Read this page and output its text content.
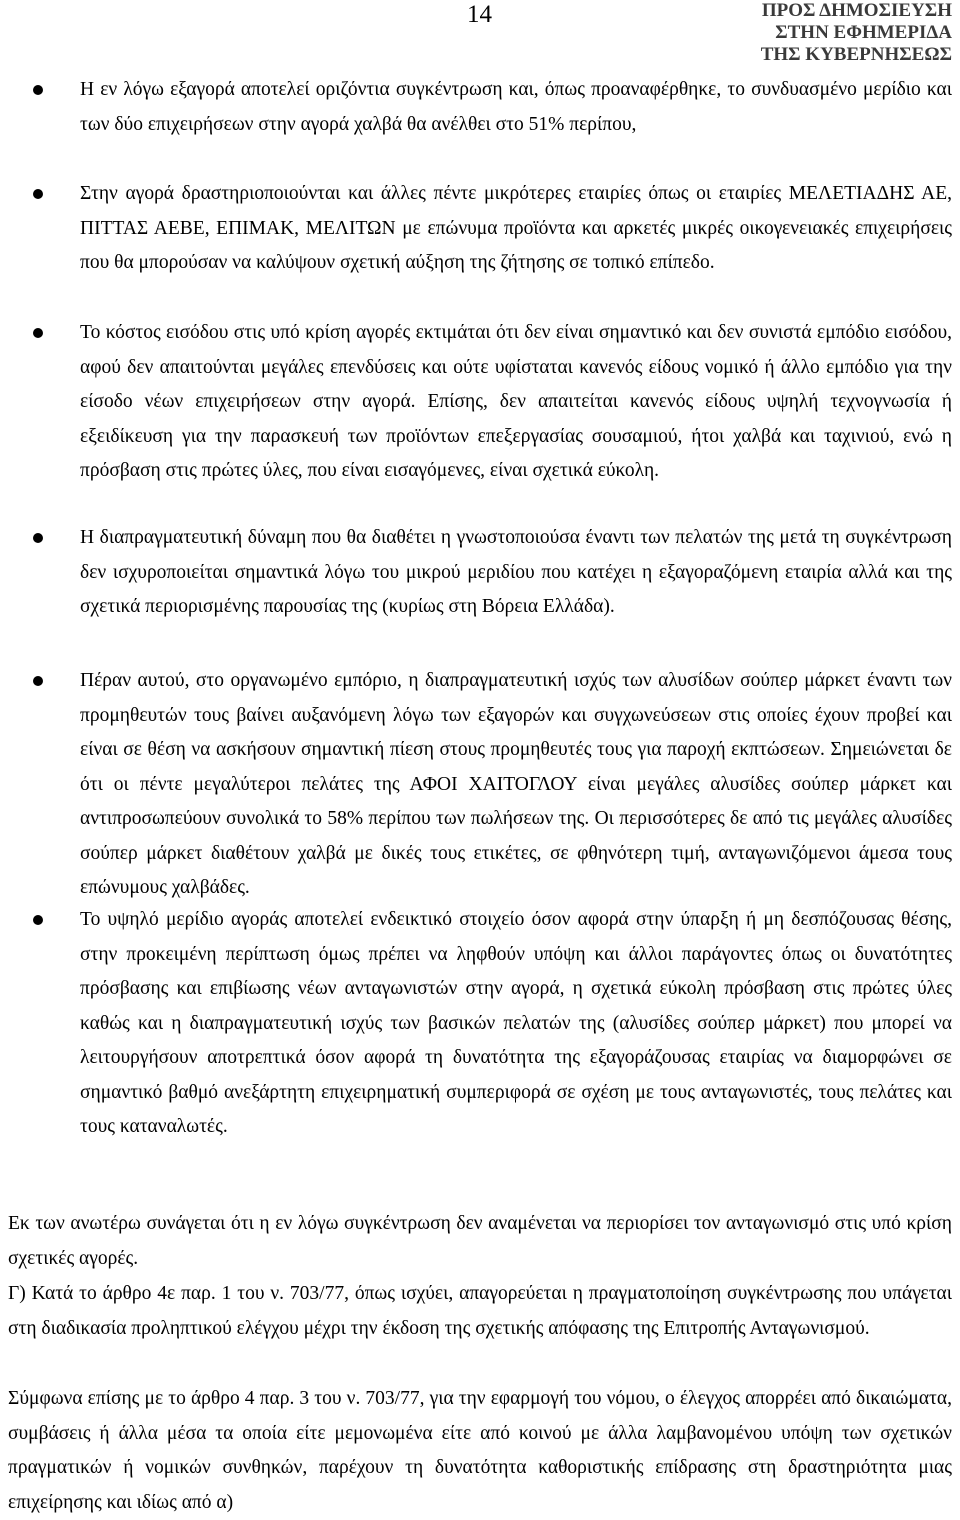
14	ΠΡΟΣ ΔΗΜΟΣΙΕΥΣΗ
ΣΤΗΝ ΕΦΗΜΕΡΙΔΑ
ΤΗΣ ΚΥΒΕΡΝΗΣΕΩΣ
Η εν λόγω εξαγορά αποτελεί οριζόντια συγκέντρωση και, όπως προαναφέρθηκε, το συνδυασμένο μερίδιο και των δύο επιχειρήσεων στην αγορά χαλβά θα ανέλθει στο 51% περίπου,
Στην αγορά δραστηριοποιούνται και άλλες πέντε μικρότερες εταιρίες όπως οι εταιρίες ΜΕΛΕΤΙΑΔΗΣ ΑΕ, ΠΙΤΤΑΣ ΑΕΒΕ, ΕΠΙΜΑΚ, ΜΕΛΙΤΩΝ με επώνυμα προϊόντα και αρκετές μικρές οικογενειακές επιχειρήσεις που θα μπορούσαν να καλύψουν σχετική αύξηση της ζήτησης σε τοπικό επίπεδο.
Το κόστος εισόδου στις υπό κρίση αγορές εκτιμάται ότι δεν είναι σημαντικό και δεν συνιστά εμπόδιο εισόδου, αφού δεν απαιτούνται μεγάλες επενδύσεις και ούτε υφίσταται κανενός είδους νομικό ή άλλο εμπόδιο για την είσοδο νέων επιχειρήσεων στην αγορά. Επίσης, δεν απαιτείται κανενός είδους υψηλή τεχνογνωσία ή εξειδίκευση για την παρασκευή των προϊόντων επεξεργασίας σουσαμιού, ήτοι χαλβά και ταχινιού, ενώ η πρόσβαση στις πρώτες ύλες, που είναι εισαγόμενες, είναι σχετικά εύκολη.
Η διαπραγματευτική δύναμη που θα διαθέτει η γνωστοποιούσα έναντι των πελατών της μετά τη συγκέντρωση δεν ισχυροποιείται σημαντικά λόγω του μικρού μεριδίου που κατέχει η εξαγοραζόμενη εταιρία αλλά και της σχετικά περιορισμένης παρουσίας της (κυρίως στη Βόρεια Ελλάδα).
Πέραν αυτού, στο οργανωμένο εμπόριο, η διαπραγματευτική ισχύς των αλυσίδων σούπερ μάρκετ έναντι των προμηθευτών τους βαίνει αυξανόμενη λόγω των εξαγορών και συγχωνεύσεων στις οποίες έχουν προβεί και είναι σε θέση να ασκήσουν σημαντική πίεση στους προμηθευτές τους για παροχή εκπτώσεων. Σημειώνεται δε ότι οι πέντε μεγαλύτεροι πελάτες της ΑΦΟΙ ΧΑΙΤΟΓΛΟΥ είναι μεγάλες αλυσίδες σούπερ μάρκετ και αντιπροσωπεύουν συνολικά το 58% περίπου των πωλήσεων της. Οι περισσότερες δε από τις μεγάλες αλυσίδες σούπερ μάρκετ διαθέτουν χαλβά με δικές τους ετικέτες, σε φθηνότερη τιμή, ανταγωνιζόμενοι άμεσα τους επώνυμους χαλβάδες.
Το υψηλό μερίδιο αγοράς αποτελεί ενδεικτικό στοιχείο όσον αφορά στην ύπαρξη ή μη δεσπόζουσας θέσης, στην προκειμένη περίπτωση όμως πρέπει να ληφθούν υπόψη και άλλοι παράγοντες όπως οι δυνατότητες πρόσβασης και επιβίωσης νέων ανταγωνιστών στην αγορά, η σχετικά εύκολη πρόσβαση στις πρώτες ύλες καθώς και η διαπραγματευτική ισχύς των βασικών πελατών της (αλυσίδες σούπερ μάρκετ) που μπορεί να λειτουργήσουν αποτρεπτικά όσον αφορά τη δυνατότητα της εξαγοράζουσας εταιρίας να διαμορφώνει σε σημαντικό βαθμό ανεξάρτητη επιχειρηματική συμπεριφορά σε σχέση με τους ανταγωνιστές, τους πελάτες και τους καταναλωτές.

Εκ των ανωτέρω συνάγεται ότι η εν λόγω συγκέντρωση δεν αναμένεται να περιορίσει τον ανταγωνισμό στις υπό κρίση σχετικές αγορές.

Γ) Κατά το άρθρο 4ε παρ. 1 του ν. 703/77, όπως ισχύει, απαγορεύεται η πραγματοποίηση συγκέντρωσης που υπάγεται στη διαδικασία προληπτικού ελέγχου μέχρι την έκδοση της σχετικής απόφασης της Επιτροπής Ανταγωνισμού.

Σύμφωνα επίσης με το άρθρο 4 παρ. 3 του ν. 703/77, για την εφαρμογή του νόμου, ο έλεγχος απορρέει από δικαιώματα, συμβάσεις ή άλλα μέσα τα οποία είτε μεμονωμένα είτε από κοινού με άλλα λαμβανομένου υπόψη των σχετικών πραγματικών ή νομικών συνθηκών, παρέχουν τη δυνατότητα καθοριστικής επίδρασης στη δραστηριότητα μιας επιχείρησης και ιδίως από α)
